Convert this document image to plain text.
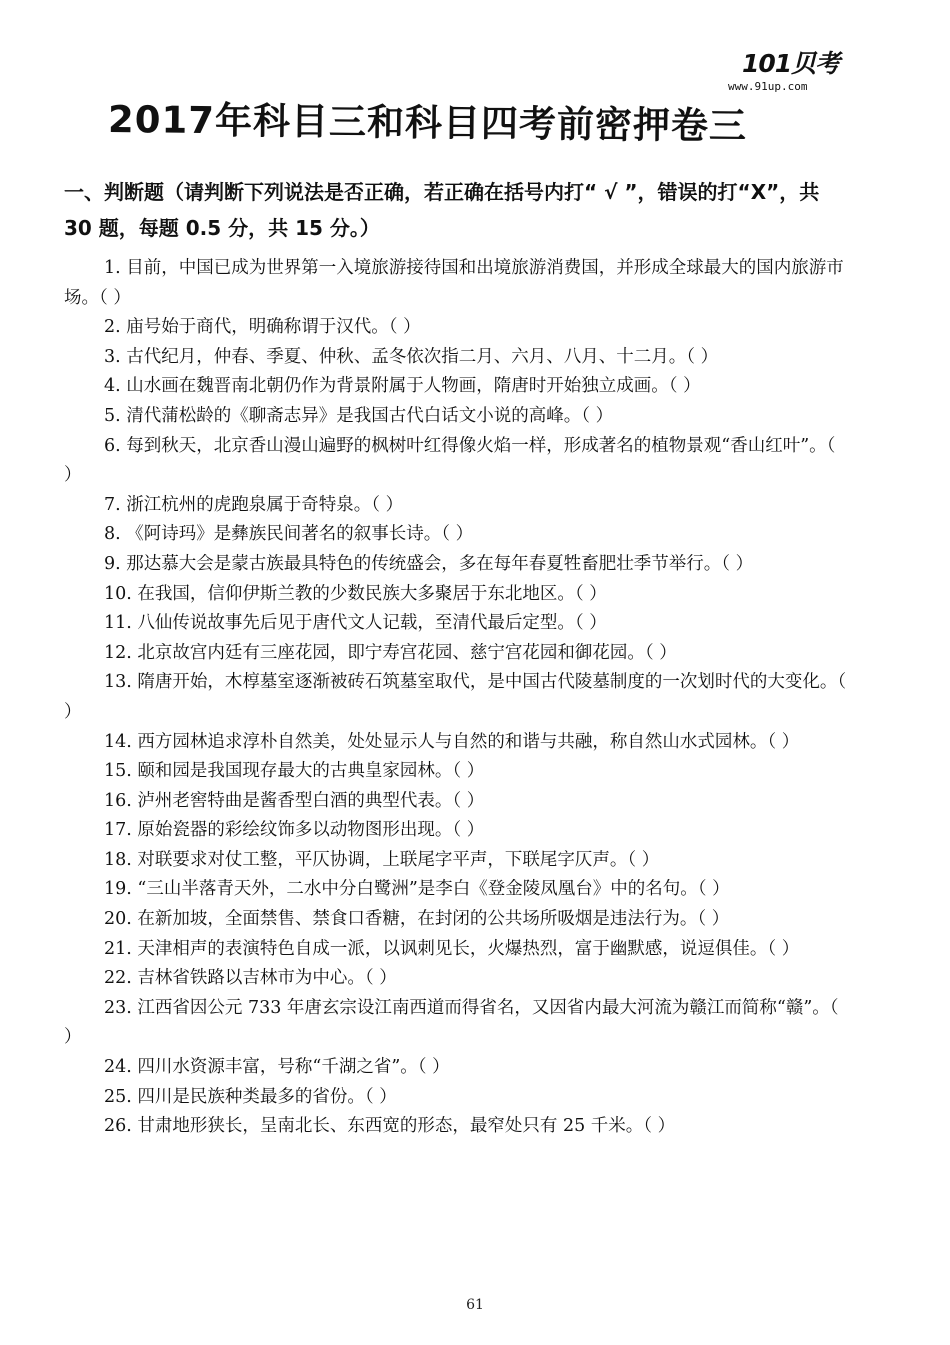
101贝考
www.91up.com
2017年科目三和科目四考前密押卷三
一、判断题（请判断下列说法是否正确，若正确在括号内打“ √ ”，错误的打“X”，共 30 题，每题 0.5 分，共 15 分。）

1. 目前，中国已成为世界第一入境旅游接待国和出境旅游消费国，并形成全球最大的国内旅游市场。（ ）

2. 庙号始于商代，明确称谓于汉代。（ ）

3. 古代纪月，仲春、季夏、仲秋、孟冬依次指二月、六月、八月、十二月。（ ）

4. 山水画在魏晋南北朝仍作为背景附属于人物画，隋唐时开始独立成画。（ ）

5. 清代蒲松龄的《聊斋志异》是我国古代白话文小说的高峰。（ ）

6. 每到秋天，北京香山漫山遍野的枫树叶红得像火焰一样，形成著名的植物景观“香山红叶”。（ ）

7. 浙江杭州的虎跑泉属于奇特泉。（ ）

8. 《阿诗玛》是彝族民间著名的叙事长诗。（ ）

9. 那达慕大会是蒙古族最具特色的传统盛会，多在每年春夏牲畜肥壮季节举行。（ ）

10. 在我国，信仰伊斯兰教的少数民族大多聚居于东北地区。（ ）

11. 八仙传说故事先后见于唐代文人记载，至清代最后定型。（ ）

12. 北京故宫内廷有三座花园，即宁寿宫花园、慈宁宫花园和御花园。（ ）

13. 隋唐开始，木椁墓室逐渐被砖石筑墓室取代，是中国古代陵墓制度的一次划时代的大变化。（ ）

14. 西方园林追求淳朴自然美，处处显示人与自然的和谐与共融，称自然山水式园林。（ ）

15. 颐和园是我国现存最大的古典皇家园林。（ ）

16. 泸州老窖特曲是酱香型白酒的典型代表。（ ）

17. 原始瓷器的彩绘纹饰多以动物图形出现。（ ）

18. 对联要求对仗工整，平仄协调，上联尾字平声，下联尾字仄声。（ ）

19. “三山半落青天外，二水中分白鹭洲”是李白《登金陵凤凰台》中的名句。（ ）

20. 在新加坡，全面禁售、禁食口香糖，在封闭的公共场所吸烟是违法行为。（ ）

21. 天津相声的表演特色自成一派，以讽刺见长，火爆热烈，富于幽默感，说逗俱佳。（ ）

22. 吉林省铁路以吉林市为中心。（ ）

23. 江西省因公元 733 年唐玄宗设江南西道而得省名，又因省内最大河流为赣江而简称“赣”。（ ）

24. 四川水资源丰富，号称“千湖之省”。（ ）

25. 四川是民族种类最多的省份。（ ）

26. 甘肃地形狭长，呈南北长、东西宽的形态，最窄处只有 25 千米。（ ）

61
